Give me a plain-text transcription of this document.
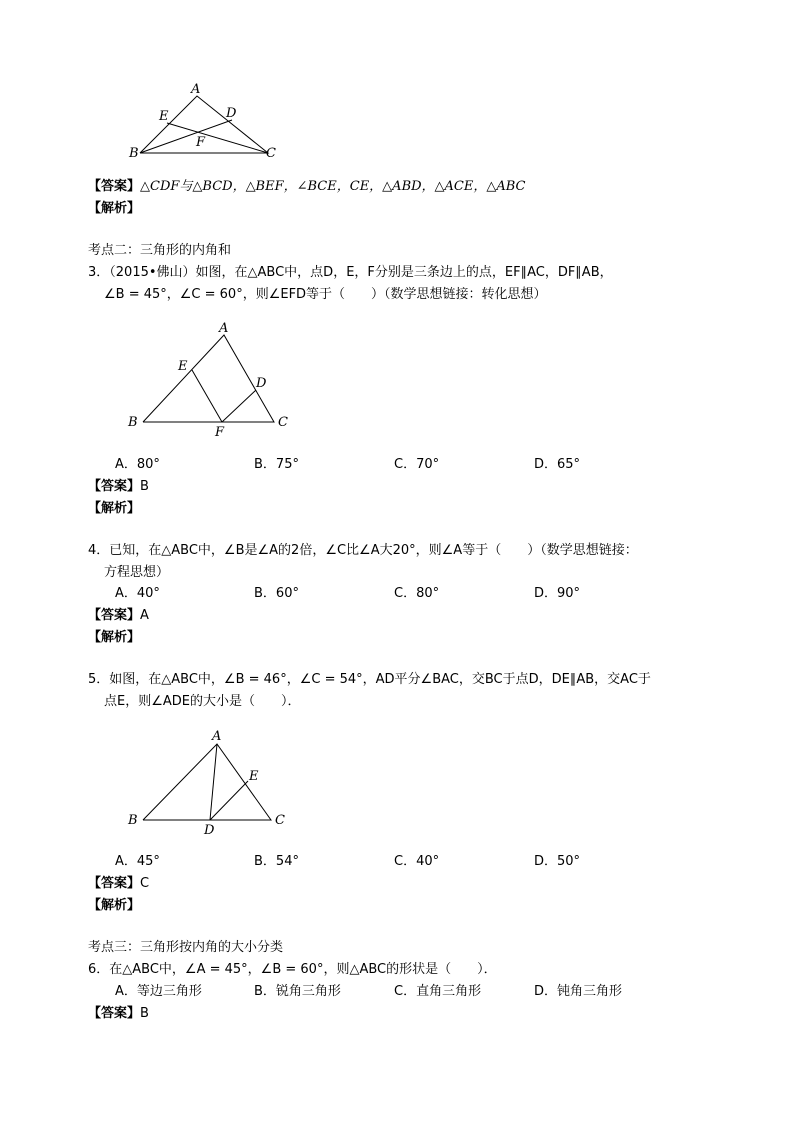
A
E	D
F
B	C
【答案】△CDF与△BCD，△BEF，∠BCE，CE，△ABD，△ACE，△ABC
【解析】
考点二：三角形的内角和
3．（2015•佛山）如图，在△ABC中，点D，E，F分别是三条边上的点，EF∥AC，DF∥AB，
∠B = 45°，∠C = 60°，则∠EFD等于（　　）（数学思想链接：转化思想）
A
E
D
B
F
C
A．80°	B．75°	C．70°	D．65°
【答案】B
【解析】
4．已知，在△ABC中，∠B是∠A的2倍，∠C比∠A大20°，则∠A等于（　　）（数学思想链接：
方程思想）
A．40°	B．60°	C．80°	D．90°
【答案】A
【解析】
5．如图，在△ABC中，∠B = 46°，∠C = 54°，AD平分∠BAC，交BC于点D，DE∥AB，交AC于
点E，则∠ADE的大小是（　　）．
A
E
B
D
C
A．45°	B．54°	C．40°	D．50°
【答案】C
【解析】
考点三：三角形按内角的大小分类
6．在△ABC中，∠A = 45°，∠B = 60°，则△ABC的形状是（　　）．
A．等边三角形	B．锐角三角形	C．直角三角形	D．钝角三角形
【答案】B
